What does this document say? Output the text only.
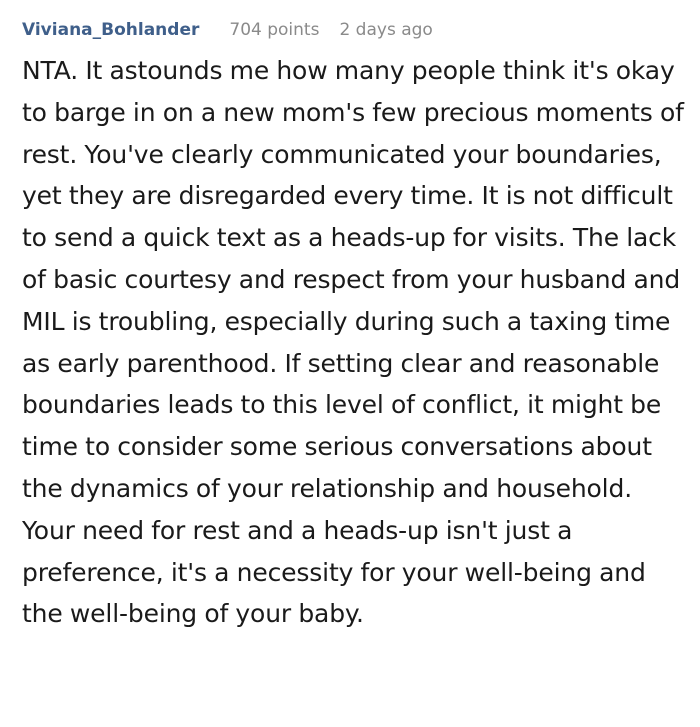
Viviana_Bohlander 704 points 2 days ago

NTA. It astounds me how many people think it's okay to barge in on a new mom's few precious moments of rest. You've clearly communicated your boundaries, yet they are disregarded every time. It is not difficult to send a quick text as a heads-up for visits. The lack of basic courtesy and respect from your husband and MIL is troubling, especially during such a taxing time as early parenthood. If setting clear and reasonable boundaries leads to this level of conflict, it might be time to consider some serious conversations about the dynamics of your relationship and household. Your need for rest and a heads-up isn't just a preference, it's a necessity for your well-being and the well-being of your baby.
